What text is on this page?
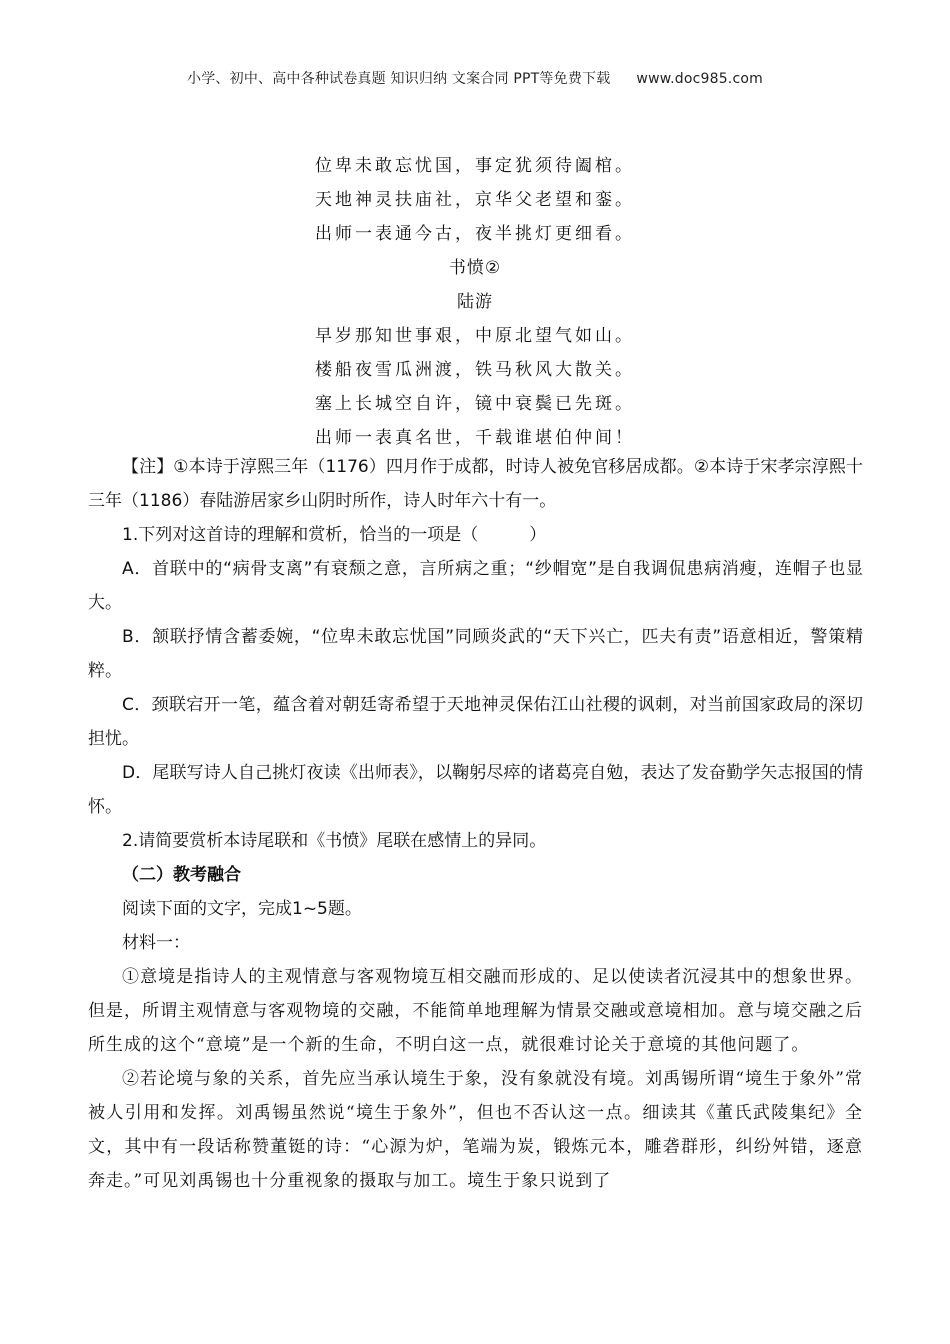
小学、初中、高中各种试卷真题 知识归纳 文案合同 PPT等免费下载 www.doc985.com
位卑未敢忘忧国，事定犹须待阖棺。
天地神灵扶庙社，京华父老望和銮。
出师一表通今古，夜半挑灯更细看。
书愤②
陆游
早岁那知世事艰，中原北望气如山。
楼船夜雪瓜洲渡，铁马秋风大散关。
塞上长城空自许，镜中衰鬓已先斑。
出师一表真名世，千载谁堪伯仲间！

【注】①本诗于淳熙三年（1176）四月作于成都，时诗人被免官移居成都。②本诗于宋孝宗淳熙十三年（1186）春陆游居家乡山阴时所作，诗人时年六十有一。

1.下列对这首诗的理解和赏析，恰当的一项是（　　　）

A．首联中的“病骨支离”有衰颓之意，言所病之重；“纱帽宽”是自我调侃患病消瘦，连帽子也显大。

B．颔联抒情含蓄委婉，“位卑未敢忘忧国”同顾炎武的“天下兴亡，匹夫有责”语意相近，警策精粹。

C．颈联宕开一笔，蕴含着对朝廷寄希望于天地神灵保佑江山社稷的讽刺，对当前国家政局的深切担忧。

D．尾联写诗人自己挑灯夜读《出师表》，以鞠躬尽瘁的诸葛亮自勉，表达了发奋勤学矢志报国的情怀。

2.请简要赏析本诗尾联和《书愤》尾联在感情上的异同。

（二）教考融合

阅读下面的文字，完成1~5题。

材料一：

①意境是指诗人的主观情意与客观物境互相交融而形成的、足以使读者沉浸其中的想象世界。但是，所谓主观情意与客观物境的交融，不能简单地理解为情景交融或意境相加。意与境交融之后所生成的这个“意境”是一个新的生命，不明白这一点，就很难讨论关于意境的其他问题了。

②若论境与象的关系，首先应当承认境生于象，没有象就没有境。刘禹锡所谓“境生于象外”常被人引用和发挥。刘禹锡虽然说“境生于象外”，但也不否认这一点。细读其《董氏武陵集纪》全文，其中有一段话称赞董铤的诗：“心源为炉，笔端为炭，锻炼元本，雕砻群形，纠纷舛错，逐意奔走。”可见刘禹锡也十分重视象的摄取与加工。境生于象只说到了
